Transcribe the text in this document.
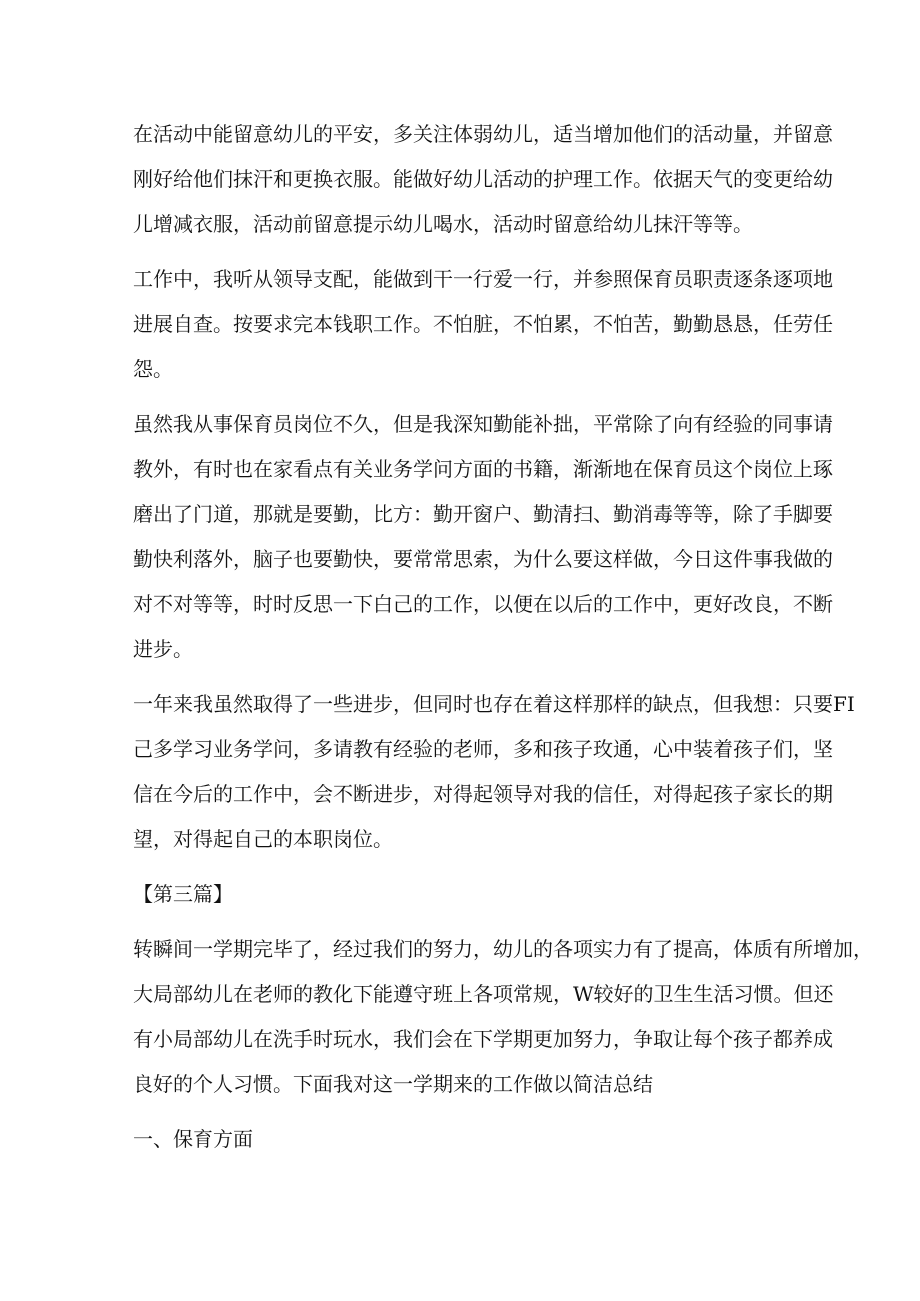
在活动中能留意幼儿的平安，多关注体弱幼儿，适当增加他们的活动量，并留意
刚好给他们抹汗和更换衣服。能做好幼儿活动的护理工作。依据天气的变更给幼
儿增减衣服，活动前留意提示幼儿喝水，活动时留意给幼儿抹汗等等。
工作中，我听从领导支配，能做到干一行爱一行，并参照保育员职责逐条逐项地
进展自查。按要求完本钱职工作。不怕脏，不怕累，不怕苦，勤勤恳恳，任劳任
怨。
虽然我从事保育员岗位不久，但是我深知勤能补拙，平常除了向有经验的同事请
教外，有时也在家看点有关业务学问方面的书籍，渐渐地在保育员这个岗位上琢
磨出了门道，那就是要勤，比方：勤开窗户、勤清扫、勤消毒等等，除了手脚要
勤快利落外，脑子也要勤快，要常常思索，为什么要这样做，今日这件事我做的
对不对等等，时时反思一下白己的工作，以便在以后的工作中，更好改良，不断
进步。
一年来我虽然取得了一些进步，但同时也存在着这样那样的缺点，但我想：只要FI
己多学习业务学问，多请教有经验的老师，多和孩子玫通，心中装着孩子们，坚
信在今后的工作中，会不断进步，对得起领导对我的信任，对得起孩子家长的期
望，对得起自己的本职岗位。
【第三篇】
转瞬间一学期完毕了，经过我们的努力，幼儿的各项实力有了提高，体质有所增加，
大局部幼儿在老师的教化下能遵守班上各项常规，W较好的卫生生活习惯。但还
有小局部幼儿在洗手时玩水，我们会在下学期更加努力，争取让每个孩子都养成
良好的个人习惯。下面我对这一学期来的工作做以简洁总结
一、保育方面
